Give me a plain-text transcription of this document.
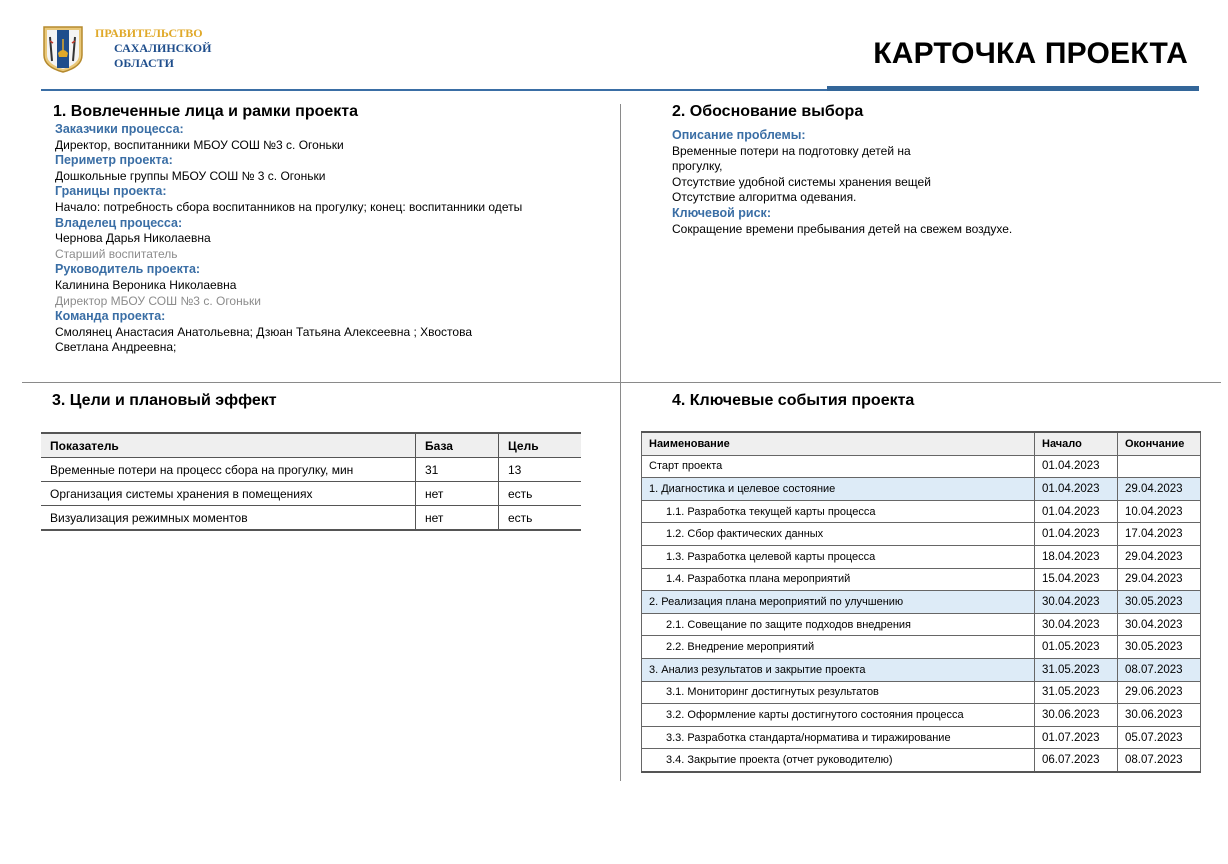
ПРАВИТЕЛЬСТВО
САХАЛИНСКОЙ
ОБЛАСТИ	КАРТОЧКА ПРОЕКТА
1. Вовлеченные лица и рамки проекта
Заказчики процесса:
Директор, воспитанники МБОУ СОШ №3 с. Огоньки
Периметр проекта:
Дошкольные группы МБОУ СОШ № 3 с. Огоньки
Границы проекта:
Начало: потребность сбора воспитанников на прогулку; конец: воспитанники одеты
Владелец процесса:
Чернова Дарья Николаевна
Старший воспитатель
Руководитель проекта:
Калинина Вероника Николаевна
Директор МБОУ СОШ №3 с. Огоньки
Команда проекта:
Смолянец Анастасия Анатольевна; Дзюан Татьяна Алексеевна ; Хвостова
Светлана Андреевна;
2. Обоснование выбора
Описание проблемы:
Временные потери на подготовку детей на
прогулку,
Отсутствие удобной системы хранения вещей
Отсутствие алгоритма одевания.
Ключевой риск:
Сокращение времени пребывания детей на свежем воздухе.
3. Цели и плановый эффект
Показатель	База	Цель
Временные потери на процесс сбора на прогулку, мин	31	13
Организация системы хранения в помещениях	нет	есть
Визуализация режимных моментов	нет	есть
4. Ключевые события проекта
Наименование	Начало	Окончание
Старт проекта	01.04.2023	
1. Диагностика и целевое состояние	01.04.2023	29.04.2023
1.1. Разработка текущей карты процесса	01.04.2023	10.04.2023
1.2. Сбор фактических данных	01.04.2023	17.04.2023
1.3. Разработка целевой карты процесса	18.04.2023	29.04.2023
1.4. Разработка плана мероприятий	15.04.2023	29.04.2023
2. Реализация плана мероприятий по улучшению	30.04.2023	30.05.2023
2.1. Совещание по защите подходов внедрения	30.04.2023	30.04.2023
2.2. Внедрение мероприятий	01.05.2023	30.05.2023
3. Анализ результатов и закрытие проекта	31.05.2023	08.07.2023
3.1. Мониторинг достигнутых результатов	31.05.2023	29.06.2023
3.2. Оформление карты достигнутого состояния процесса	30.06.2023	30.06.2023
3.3. Разработка стандарта/норматива и тиражирование	01.07.2023	05.07.2023
3.4. Закрытие проекта (отчет руководителю)	06.07.2023	08.07.2023
